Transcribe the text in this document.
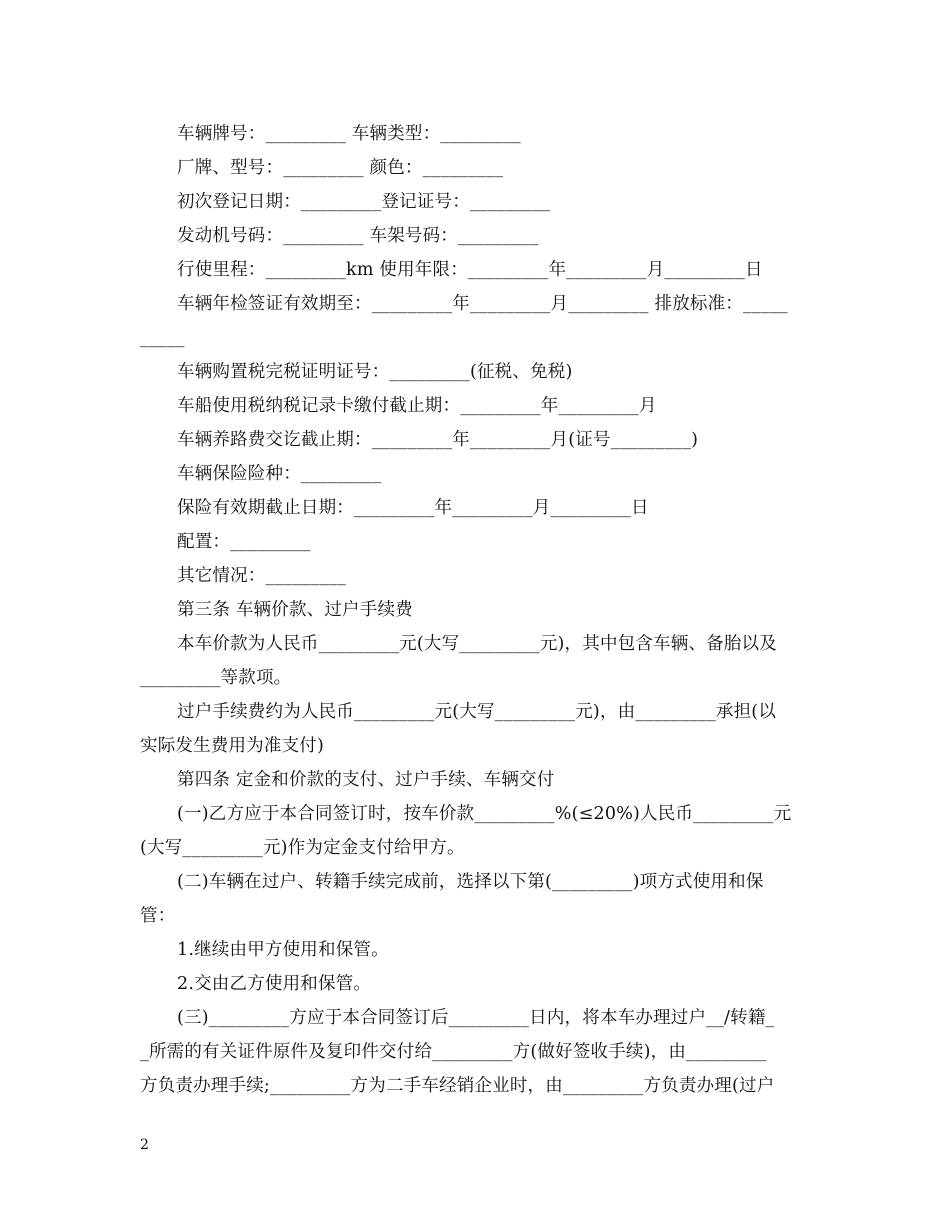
车辆牌号：_________ 车辆类型：_________
厂牌、型号：_________ 颜色：_________
初次登记日期：_________登记证号：_________
发动机号码：_________ 车架号码：_________
行使里程：_________km 使用年限：_________年_________月_________日
车辆年检签证有效期至：_________年_________月_________ 排放标准：_____
_____
车辆购置税完税证明证号：_________(征税、免税)
车船使用税纳税记录卡缴付截止期：_________年_________月
车辆养路费交讫截止期：_________年_________月(证号_________)
车辆保险险种：_________
保险有效期截止日期：_________年_________月_________日
配置：_________
其它情况：_________
第三条 车辆价款、过户手续费
本车价款为人民币_________元(大写_________元)，其中包含车辆、备胎以及
_________等款项。
过户手续费约为人民币_________元(大写_________元)，由_________承担(以
实际发生费用为准支付)
第四条 定金和价款的支付、过户手续、车辆交付
(一)乙方应于本合同签订时，按车价款_________%(≤20%)人民币_________元
(大写_________元)作为定金支付给甲方。
(二)车辆在过户、转籍手续完成前，选择以下第(_________)项方式使用和保
管：
1.继续由甲方使用和保管。
2.交由乙方使用和保管。
(三)_________方应于本合同签订后_________日内，将本车办理过户__/转籍_
_所需的有关证件原件及复印件交付给_________方(做好签收手续)，由_________
方负责办理手续;_________方为二手车经销企业时，由_________方负责办理(过户
2
